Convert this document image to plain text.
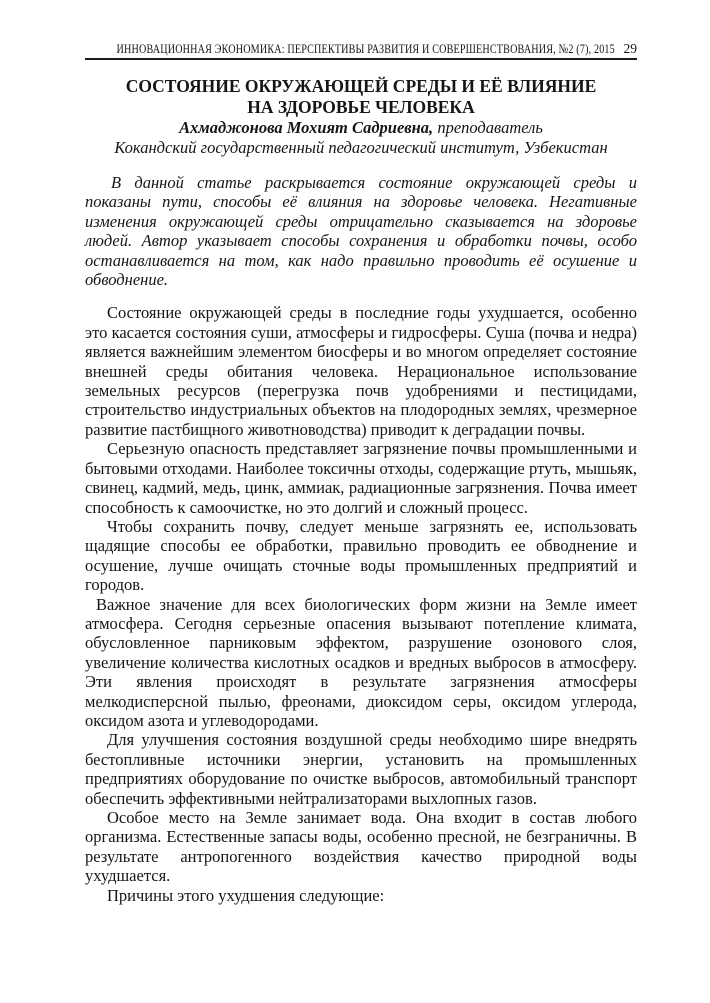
ИННОВАЦИОННАЯ ЭКОНОМИКА: ПЕРСПЕКТИВЫ РАЗВИТИЯ И СОВЕРШЕНСТВОВАНИЯ, №2 (7), 2015 29
СОСТОЯНИЕ ОКРУЖАЮЩЕЙ СРЕДЫ И ЕЁ ВЛИЯНИЕ
НА ЗДОРОВЬЕ ЧЕЛОВЕКА
Ахмаджонова Мохият Садриевна, преподаватель
Кокандский государственный педагогический институт, Узбекистан

В данной статье раскрывается состояние окружающей среды и показаны пути, способы её влияния на здоровье человека. Негативные изменения окружающей среды отрицательно сказывается на здоровье людей. Автор указывает способы сохранения и обработки почвы, особо останавливается на том, как надо правильно проводить её осушение и обводнение.

Состояние окружающей среды в последние годы ухудшается, особенно это касается состояния суши, атмосферы и гидросферы. Суша (почва и недра) является важнейшим элементом биосферы и во многом определяет состояние внешней среды обитания человека. Нерациональное использование земельных ресурсов (перегрузка почв удобрениями и пестицидами, строительство индустриальных объектов на плодородных землях, чрезмерное развитие пастбищного животноводства) приводит к деградации почвы.

Серьезную опасность представляет загрязнение почвы промышленными и бытовыми отходами. Наиболее токсичны отходы, содержащие ртуть, мышьяк, свинец, кадмий, медь, цинк, аммиак, радиационные загрязнения. Почва имеет способность к самоочистке, но это долгий и сложный процесс.

Чтобы сохранить почву, следует меньше загрязнять ее, использовать щадящие способы ее обработки, правильно проводить ее обводнение и осушение, лучше очищать сточные воды промышленных предприятий и городов.

Важное значение для всех биологических форм жизни на Земле имеет атмосфера. Сегодня серьезные опасения вызывают потепление климата, обусловленное парниковым эффектом, разрушение озонового слоя, увеличение количества кислотных осадков и вредных выбросов в атмосферу. Эти явления происходят в результате загрязнения атмосферы мелкодисперсной пылью, фреонами, диоксидом серы, оксидом углерода, оксидом азота и углеводородами.

Для улучшения состояния воздушной среды необходимо шире внедрять бестопливные источники энергии, установить на промышленных предприятиях оборудование по очистке выбросов, автомобильный транспорт обеспечить эффективными нейтрализаторами выхлопных газов.

Особое место на Земле занимает вода. Она входит в состав любого организма. Естественные запасы воды, особенно пресной, не безграничны. В результате антропогенного воздействия качество природной воды ухудшается.

Причины этого ухудшения следующие:
